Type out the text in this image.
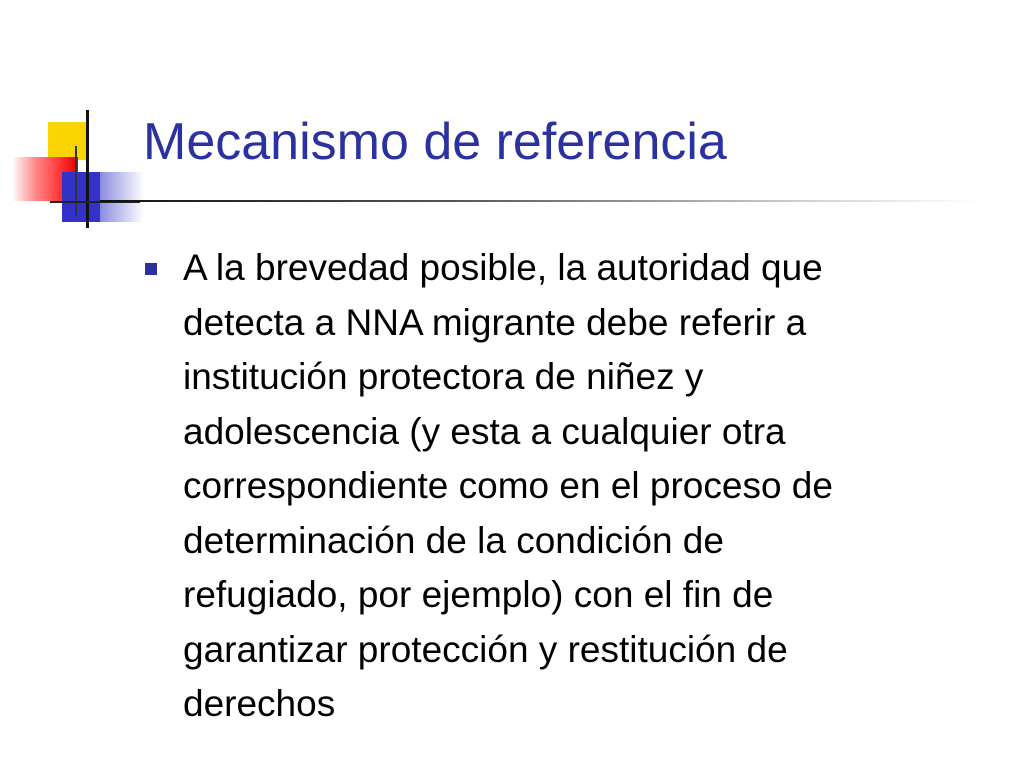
Mecanismo de referencia
A la brevedad posible, la autoridad que
detecta a NNA migrante debe referir a
institución protectora de niñez y
adolescencia (y esta a cualquier otra
correspondiente como en el proceso de
determinación de la condición de
refugiado, por ejemplo) con el fin de
garantizar protección y restitución de
derechos
